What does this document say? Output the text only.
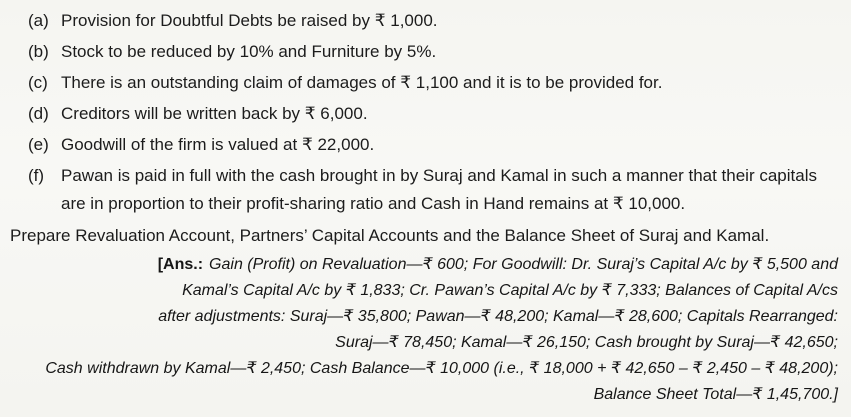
(a) Provision for Doubtful Debts be raised by ₹ 1,000.
(b) Stock to be reduced by 10% and Furniture by 5%.
(c) There is an outstanding claim of damages of ₹ 1,100 and it is to be provided for.
(d) Creditors will be written back by ₹ 6,000.
(e) Goodwill of the firm is valued at ₹ 22,000.
(f) Pawan is paid in full with the cash brought in by Suraj and Kamal in such a manner that their capitals are in proportion to their profit-sharing ratio and Cash in Hand remains at ₹ 10,000.

Prepare Revaluation Account, Partners’ Capital Accounts and the Balance Sheet of Suraj and Kamal.

[Ans.: Gain (Profit) on Revaluation—₹ 600; For Goodwill: Dr. Suraj’s Capital A/c by ₹ 5,500 and
Kamal’s Capital A/c by ₹ 1,833; Cr. Pawan’s Capital A/c by ₹ 7,333; Balances of Capital A/cs
after adjustments: Suraj—₹ 35,800; Pawan—₹ 48,200; Kamal—₹ 28,600; Capitals Rearranged:
Suraj—₹ 78,450; Kamal—₹ 26,150; Cash brought by Suraj—₹ 42,650;
Cash withdrawn by Kamal—₹ 2,450; Cash Balance—₹ 10,000 (i.e., ₹ 18,000 + ₹ 42,650 – ₹ 2,450 – ₹ 48,200);
Balance Sheet Total—₹ 1,45,700.]
